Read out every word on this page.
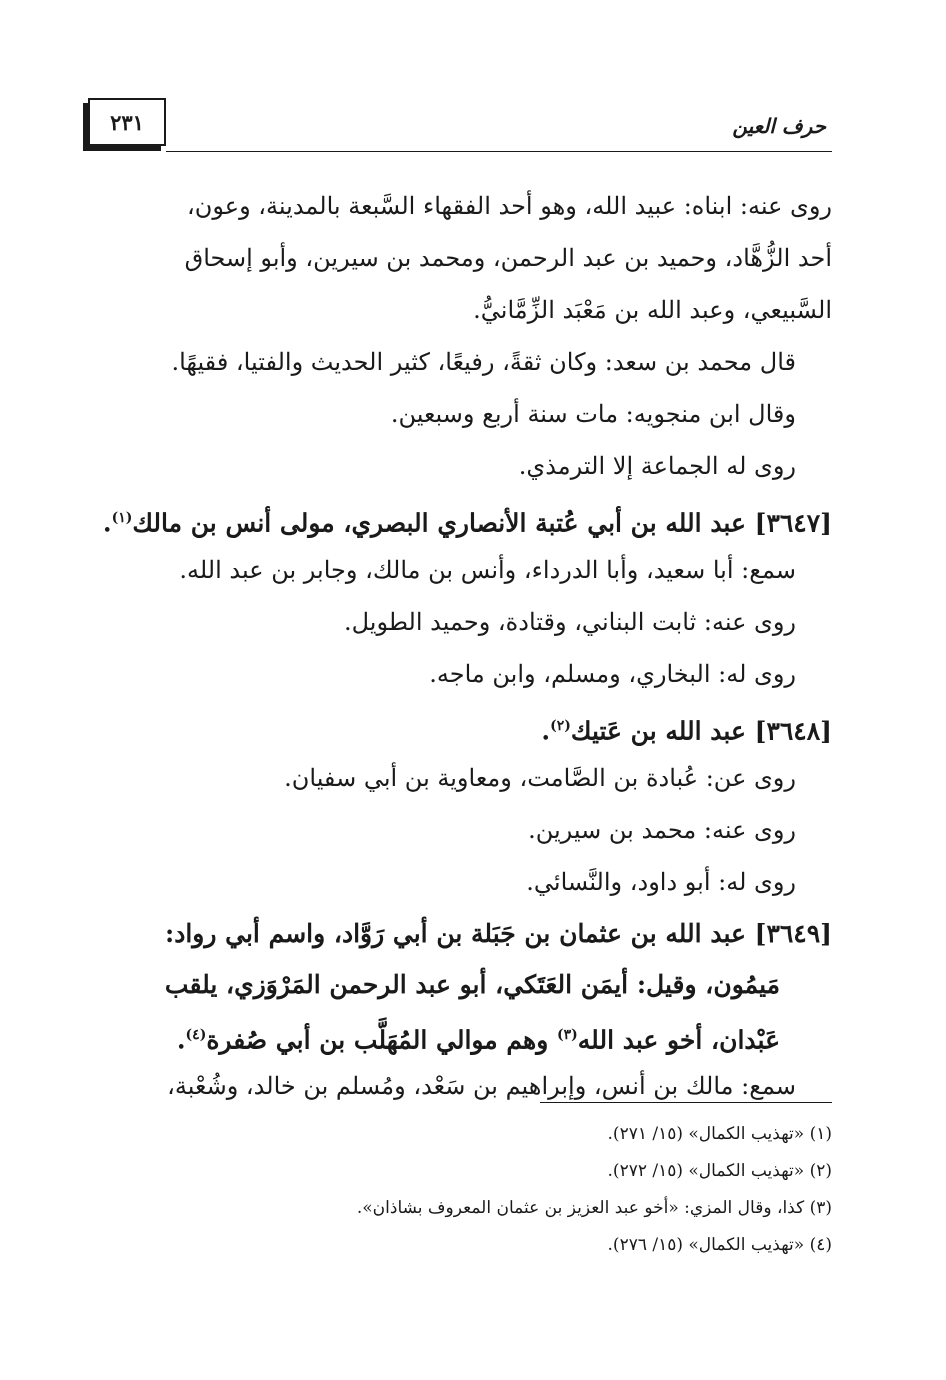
٢٣١	حرف العين
روى عنه: ابناه: عبيد الله، وهو أحد الفقهاء السَّبعة بالمدينة، وعون،
أحد الزُّهَّاد، وحميد بن عبد الرحمن، ومحمد بن سيرين، وأبو إسحاق
السَّبيعي، وعبد الله بن مَعْبَد الزِّمَّانيُّ.
قال محمد بن سعد: وكان ثقةً، رفيعًا، كثير الحديث والفتيا، فقيهًا.
وقال ابن منجويه: مات سنة أربع وسبعين.
روى له الجماعة إلا الترمذي.
[٣٦٤٧] عبد الله بن أبي عُتبة الأنصاري البصري، مولى أنس بن مالك$^{(١)}$.
سمع: أبا سعيد، وأبا الدرداء، وأنس بن مالك، وجابر بن عبد الله.
روى عنه: ثابت البناني، وقتادة، وحميد الطويل.
روى له: البخاري، ومسلم، وابن ماجه.
[٣٦٤٨] عبد الله بن عَتيك$^{(٢)}$.
روى عن: عُبادة بن الصَّامت، ومعاوية بن أبي سفيان.
روى عنه: محمد بن سيرين.
روى له: أبو داود، والنَّسائي.
[٣٦٤٩] عبد الله بن عثمان بن جَبَلة بن أبي رَوَّاد، واسم أبي رواد:
مَيمُون، وقيل: أيمَن العَتَكي، أبو عبد الرحمن المَرْوَزي، يلقب
عَبْدان، أخو عبد الله$^{(٣)}$ وهم موالي المُهَلَّب بن أبي صُفرة$^{(٤)}$.
سمع: مالك بن أنس، وإبراهيم بن سَعْد، ومُسلم بن خالد، وشُعْبة،
(١) «تهذيب الكمال» (١٥/ ٢٧١).
(٢) «تهذيب الكمال» (١٥/ ٢٧٢).
(٣) كذا، وقال المزي: «أخو عبد العزيز بن عثمان المعروف بشاذان».
(٤) «تهذيب الكمال» (١٥/ ٢٧٦).
